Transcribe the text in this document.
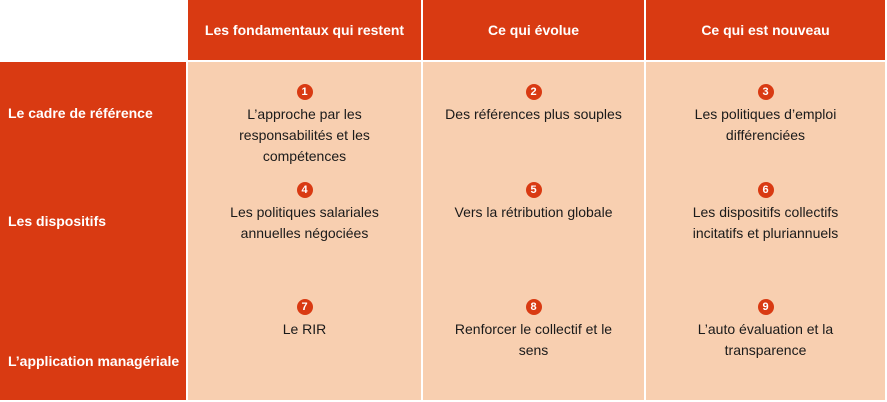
Les fondamentaux qui restent	Ce qui évolue	Ce qui est nouveau
Le cadre de référence
1
L’approche par les responsabilités et les compétences
2
Des références plus souples
3
Les politiques d’emploi différenciées
Les dispositifs
4
Les politiques salariales annuelles négociées
5
Vers la rétribution globale
6
Les dispositifs collectifs incitatifs et pluriannuels
L’application managériale
7
Le RIR
8
Renforcer le collectif et le sens
9
L’auto évaluation et la transparence
